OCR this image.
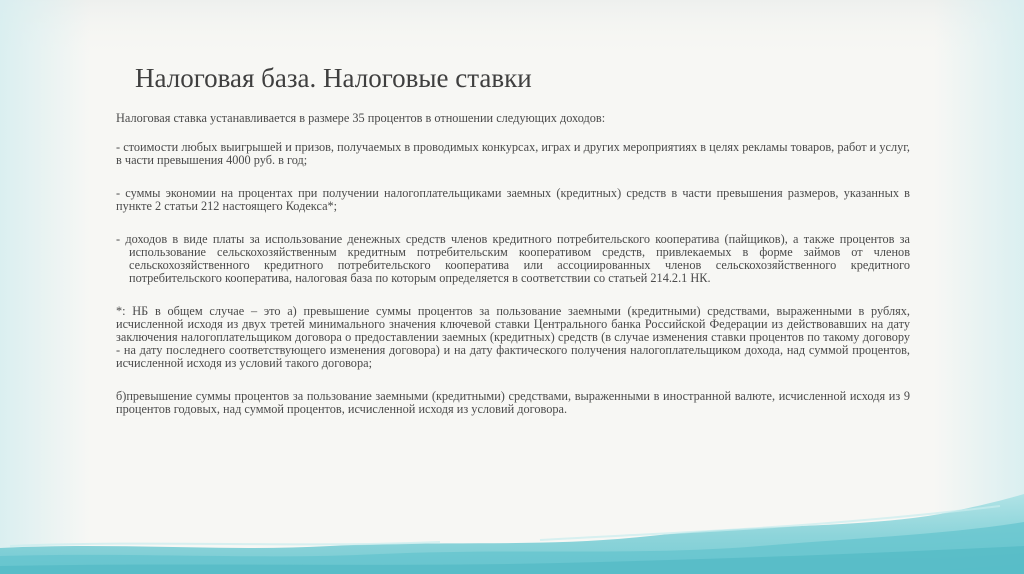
Налоговая база. Налоговые ставки

Налоговая ставка устанавливается в размере 35 процентов в отношении следующих доходов:

- стоимости любых выигрышей и призов, получаемых в проводимых конкурсах, играх и других мероприятиях в целях рекламы товаров, работ и услуг, в части превышения 4000 руб. в год;

- суммы экономии на процентах при получении налогоплательщиками заемных (кредитных) средств в части превышения размеров, указанных в пункте 2 статьи 212 настоящего Кодекса*;

- доходов в виде платы за использование денежных средств членов кредитного потребительского кооператива (пайщиков), а также процентов за использование сельскохозяйственным кредитным потребительским кооперативом средств, привлекаемых в форме займов от членов сельскохозяйственного кредитного потребительского кооператива или ассоциированных членов сельскохозяйственного кредитного потребительского кооператива, налоговая база по которым определяется в соответствии со статьей 214.2.1 НК.

*: НБ в общем случае – это а) превышение суммы процентов за пользование заемными (кредитными) средствами, выраженными в рублях, исчисленной исходя из двух третей минимального значения ключевой ставки Центрального банка Российской Федерации из действовавших на дату заключения налогоплательщиком договора о предоставлении заемных (кредитных) средств (в случае изменения ставки процентов по такому договору - на дату последнего соответствующего изменения договора) и на дату фактического получения налогоплательщиком дохода, над суммой процентов, исчисленной исходя из условий такого договора;

б)превышение суммы процентов за пользование заемными (кредитными) средствами, выраженными в иностранной валюте, исчисленной исходя из 9 процентов годовых, над суммой процентов, исчисленной исходя из условий договора.
